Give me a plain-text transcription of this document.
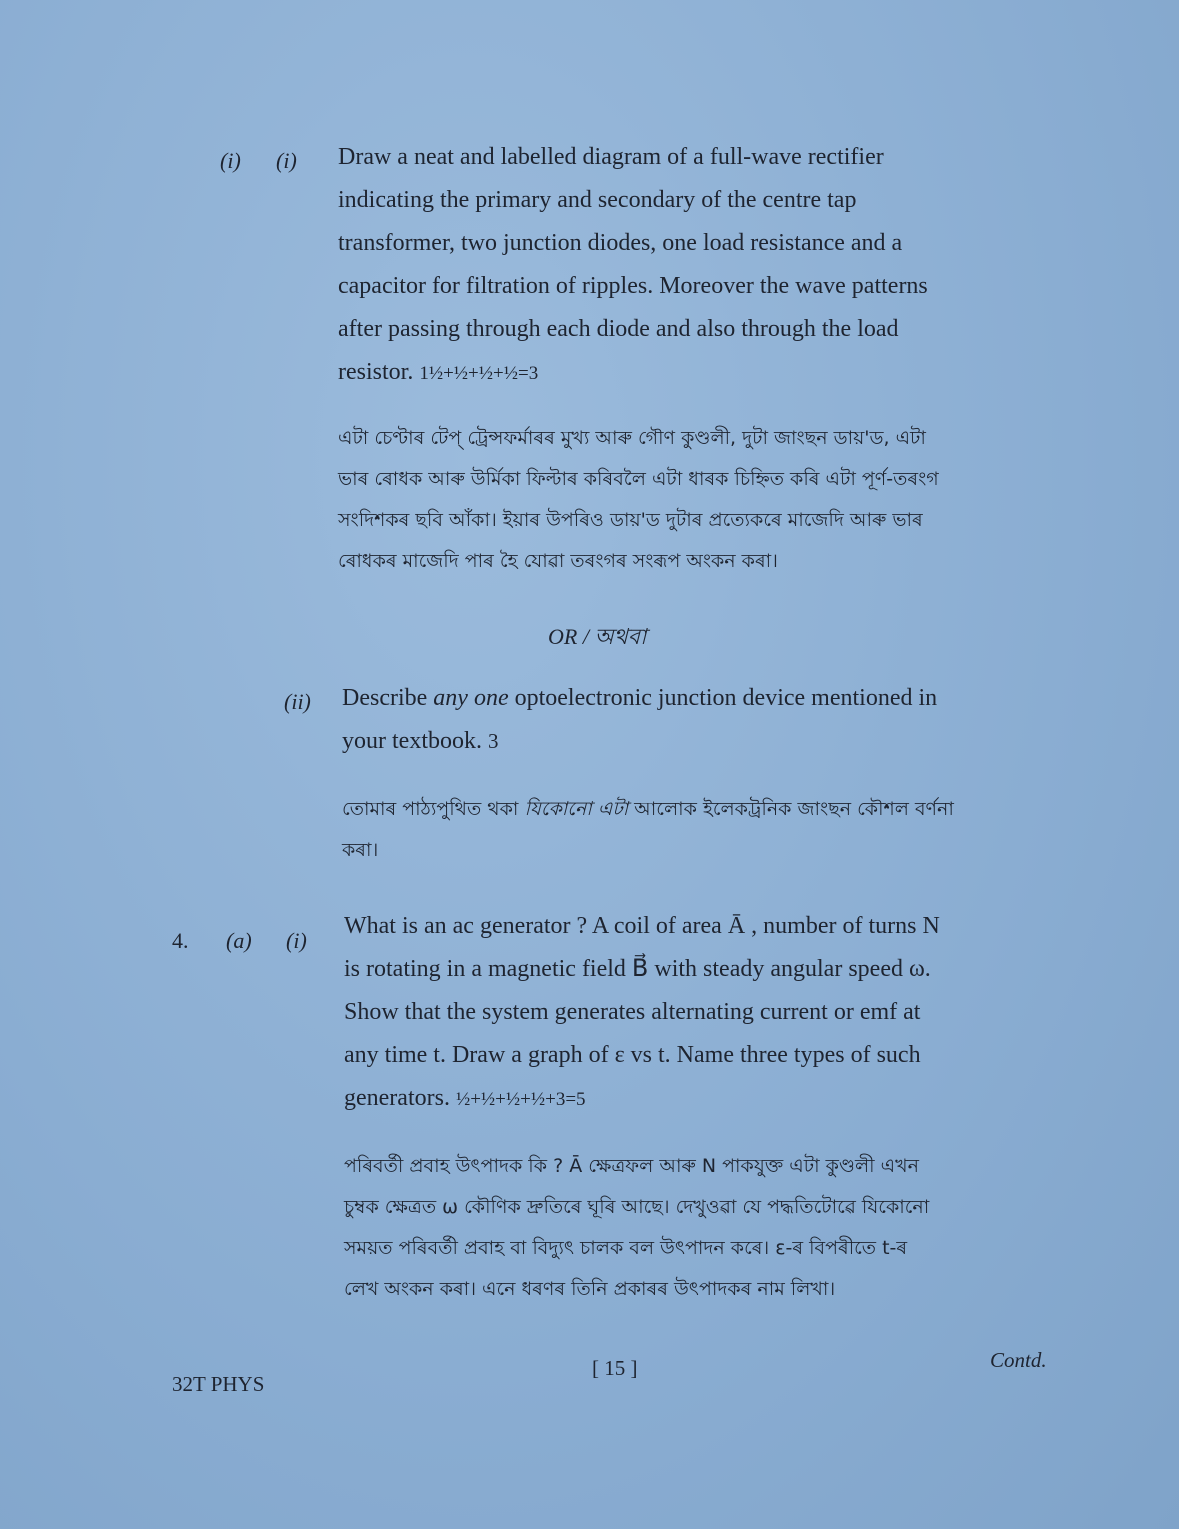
(i) (i) Draw a neat and labelled diagram of a full-wave rectifier
indicating the primary and secondary of the centre tap
transformer, two junction diodes, one load resistance and a
capacitor for filtration of ripples. Moreover the wave patterns
after passing through each diode and also through the load
resistor. 1½+½+½+½=3
এটা চেণ্টাৰ টেপ্ ট্ৰেন্সফৰ্মাৰৰ মুখ্য আৰু গৌণ কুণ্ডলী, দুটা জাংছন ডায়'ড, এটা
ভাৰ ৰোধক আৰু উৰ্মিকা ফিল্টাৰ কৰিবলৈ এটা ধাৰক চিহ্নিত কৰি এটা পূৰ্ণ-তৰংগ
সংদিশকৰ ছবি আঁকা। ইয়াৰ উপৰিও ডায়'ড দুটাৰ প্ৰত্যেকৰে মাজেদি আৰু ভাৰ
ৰোধকৰ মাজেদি পাৰ হৈ যোৱা তৰংগৰ সংৰূপ অংকন কৰা।
OR / অথবা
(ii) Describe any one optoelectronic junction device mentioned in
your textbook. 3
তোমাৰ পাঠ্যপুথিত থকা যিকোনো এটা আলোক ইলেকট্ৰনিক জাংছন কৌশল বৰ্ণনা
কৰা।
4. (a) (i)
What is an ac generator ? A coil of area Ā , number of turns N
is rotating in a magnetic field B⃗ with steady angular speed ω.
Show that the system generates alternating current or emf at
any time t. Draw a graph of ε vs t. Name three types of such
generators. ½+½+½+½+3=5
পৰিবৰ্তী প্ৰবাহ উৎপাদক কি ? Ā ক্ষেত্ৰফল আৰু N পাকযুক্ত এটা কুণ্ডলী এখন
চুম্বক ক্ষেত্ৰত ω কৌণিক দ্ৰুতিৰে ঘূৰি আছে। দেখুওৱা যে পদ্ধতিটোৱে যিকোনো
সময়ত পৰিবৰ্তী প্ৰবাহ বা বিদ্যুৎ চালক বল উৎপাদন কৰে। ε-ৰ বিপৰীতে t-ৰ
লেখ অংকন কৰা। এনে ধৰণৰ তিনি প্ৰকাৰৰ উৎপাদকৰ নাম লিখা।
32T PHYS
[ 15 ]	Contd.
